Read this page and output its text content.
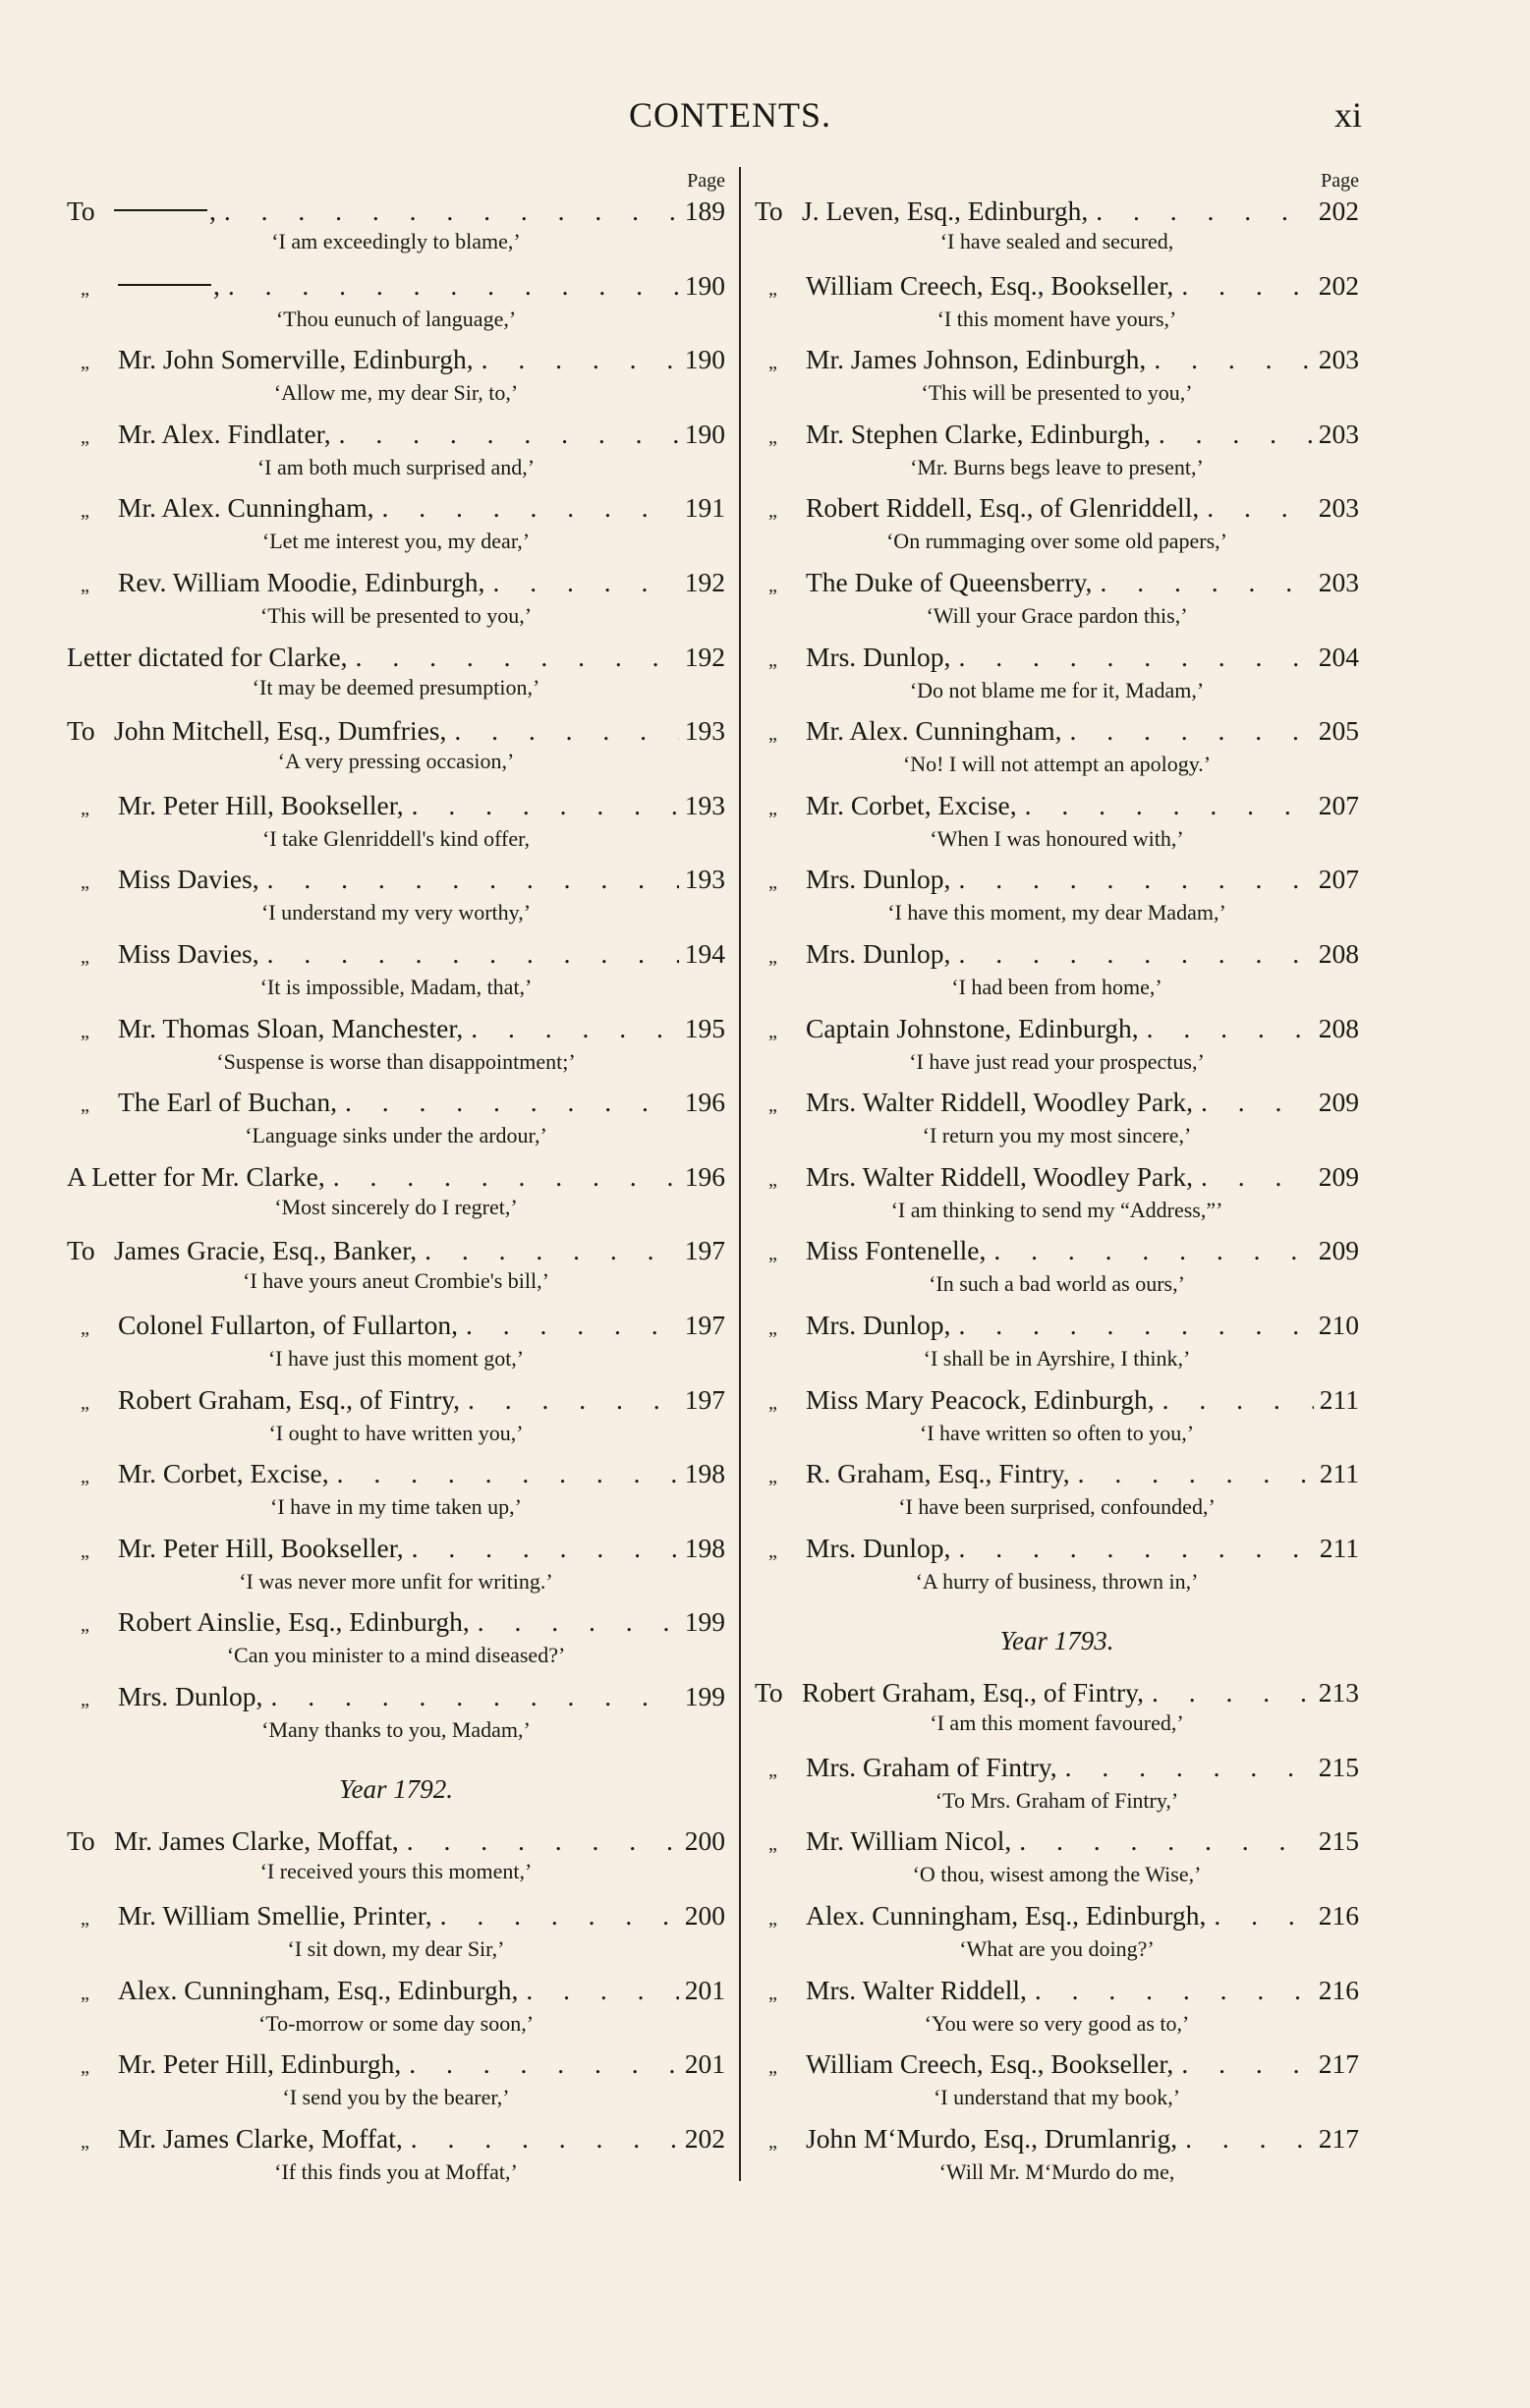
CONTENTS.	xi
Page
To	, . . .	189
‘I am exceedingly to blame,’
„	, . . .	190
‘Thou eunuch of language,’
„	Mr. John Somerville, Edinburgh, . . .	190
‘Allow me, my dear Sir, to,’
„	Mr. Alex. Findlater, . . .	190
‘I am both much surprised and,’
„	Mr. Alex. Cunningham, . . .	191
‘Let me interest you, my dear,’
„	Rev. William Moodie, Edinburgh, . . .	192
‘This will be presented to you,’
Letter dictated for Clarke, . . .	192
‘It may be deemed presumption,’
To John Mitchell, Esq., Dumfries, . . .	193
‘A very pressing occasion,’
„	Mr. Peter Hill, Bookseller, . . .	193
‘I take Glenriddell's kind offer,
„	Miss Davies, . . .	193
‘I understand my very worthy,’
„	Miss Davies, . . .	194
‘It is impossible, Madam, that,’
„	Mr. Thomas Sloan, Manchester, . . .	195
‘Suspense is worse than disappointment;’
„	The Earl of Buchan, . . .	196
‘Language sinks under the ardour,’
A Letter for Mr. Clarke, . . .	196
‘Most sincerely do I regret,’
To James Gracie, Esq., Banker, . . .	197
‘I have yours aneut Crombie's bill,’
„	Colonel Fullarton, of Fullarton, . . .	197
‘I have just this moment got,’
„	Robert Graham, Esq., of Fintry, . . .	197
‘I ought to have written you,’
„	Mr. Corbet, Excise, . . .	198
‘I have in my time taken up,’
„	Mr. Peter Hill, Bookseller, . . .	198
‘I was never more unfit for writing.’
„	Robert Ainslie, Esq., Edinburgh, . . .	199
‘Can you minister to a mind diseased?’
„	Mrs. Dunlop, . . .	199
‘Many thanks to you, Madam,’
Year 1792.
To Mr. James Clarke, Moffat, . . .	200
‘I received yours this moment,’
„	Mr. William Smellie, Printer, . . .	200
‘I sit down, my dear Sir,’
„	Alex. Cunningham, Esq., Edinburgh, . . .	201
‘To-morrow or some day soon,’
„	Mr. Peter Hill, Edinburgh, . . .	201
‘I send you by the bearer,’
„	Mr. James Clarke, Moffat, . . .	202
‘If this finds you at Moffat,’
Page
To J. Leven, Esq., Edinburgh, . . .	202
‘I have sealed and secured,
„	William Creech, Esq., Bookseller, . . .	202
‘I this moment have yours,’
„	Mr. James Johnson, Edinburgh, . . .	203
‘This will be presented to you,’
„	Mr. Stephen Clarke, Edinburgh, . . .	203
‘Mr. Burns begs leave to present,’
„	Robert Riddell, Esq., of Glenriddell, . . .	203
‘On rummaging over some old papers,’
„	The Duke of Queensberry, . . .	203
‘Will your Grace pardon this,’
„	Mrs. Dunlop, . . .	204
‘Do not blame me for it, Madam,’
„	Mr. Alex. Cunningham, . . .	205
‘No! I will not attempt an apology.’
„	Mr. Corbet, Excise, . . .	207
‘When I was honoured with,’
„	Mrs. Dunlop, . . .	207
‘I have this moment, my dear Madam,’
„	Mrs. Dunlop, . . .	208
‘I had been from home,’
„	Captain Johnstone, Edinburgh, . . .	208
‘I have just read your prospectus,’
„	Mrs. Walter Riddell, Woodley Park, . . .	209
‘I return you my most sincere,’
„	Mrs. Walter Riddell, Woodley Park, . . .	209
‘I am thinking to send my “Address,”’
„	Miss Fontenelle, . . .	209
‘In such a bad world as ours,’
„	Mrs. Dunlop, . . .	210
‘I shall be in Ayrshire, I think,’
„	Miss Mary Peacock, Edinburgh, . . .	211
‘I have written so often to you,’
„	R. Graham, Esq., Fintry, . . .	211
‘I have been surprised, confounded,’
„	Mrs. Dunlop, . . .	211
‘A hurry of business, thrown in,’
Year 1793.
To Robert Graham, Esq., of Fintry, . . .	213
‘I am this moment favoured,’
„	Mrs. Graham of Fintry, . . .	215
‘To Mrs. Graham of Fintry,’
„	Mr. William Nicol, . . .	215
‘O thou, wisest among the Wise,’
„	Alex. Cunningham, Esq., Edinburgh, . . .	216
‘What are you doing?’
„	Mrs. Walter Riddell, . . .	216
‘You were so very good as to,’
„	William Creech, Esq., Bookseller, . . .	217
‘I understand that my book,’
„	John M‘Murdo, Esq., Drumlanrig, . . .	217
‘Will Mr. M‘Murdo do me,
